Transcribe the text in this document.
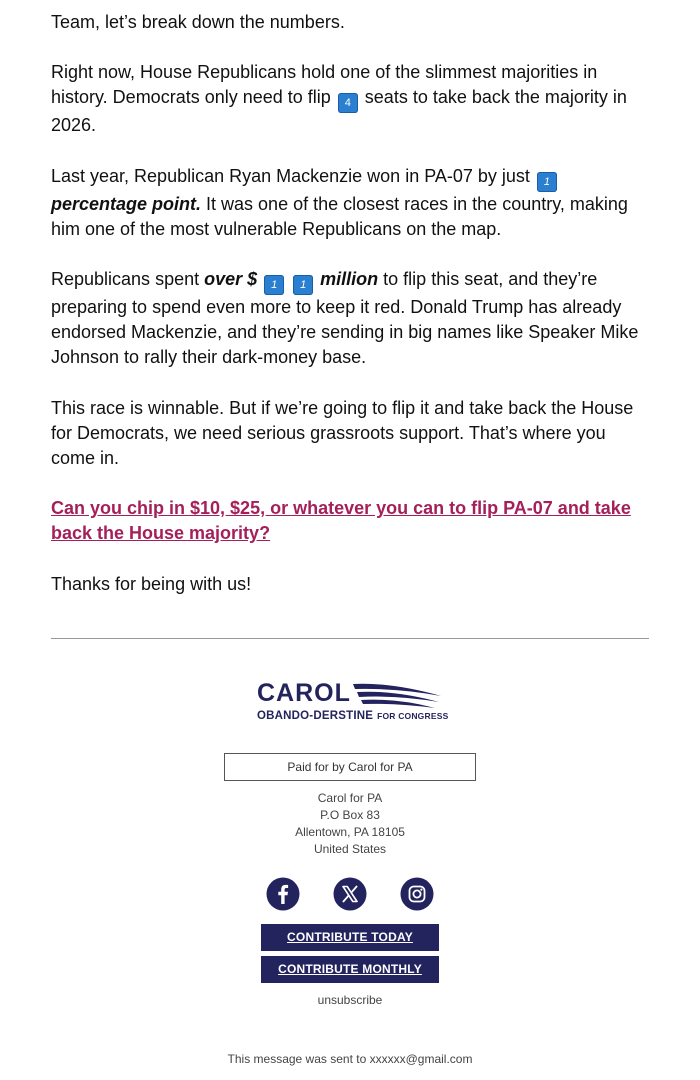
Team, let’s break down the numbers.

Right now, House Republicans hold one of the slimmest majorities in history. Democrats only need to flip 4 seats to take back the majority in 2026.

Last year, Republican Ryan Mackenzie won in PA-07 by just 1 percentage point. It was one of the closest races in the country, making him one of the most vulnerable Republicans on the map.

Republicans spent over $ 1 1 million to flip this seat, and they’re preparing to spend even more to keep it red. Donald Trump has already endorsed Mackenzie, and they’re sending in big names like Speaker Mike Johnson to rally their dark-money base.

This race is winnable. But if we’re going to flip it and take back the House for Democrats, we need serious grassroots support. That’s where you come in.

Can you chip in $10, $25, or whatever you can to flip PA-07 and take back the House majority?

Thanks for being with us!

CAROL
OBANDO-DERSTINE FOR CONGRESS
Paid for by Carol for PA
Carol for PA
P.O Box 83
Allentown, PA 18105
United States
CONTRIBUTE TODAY
CONTRIBUTE MONTHLY
unsubscribe
This message was sent to xxxxxx@gmail.com
